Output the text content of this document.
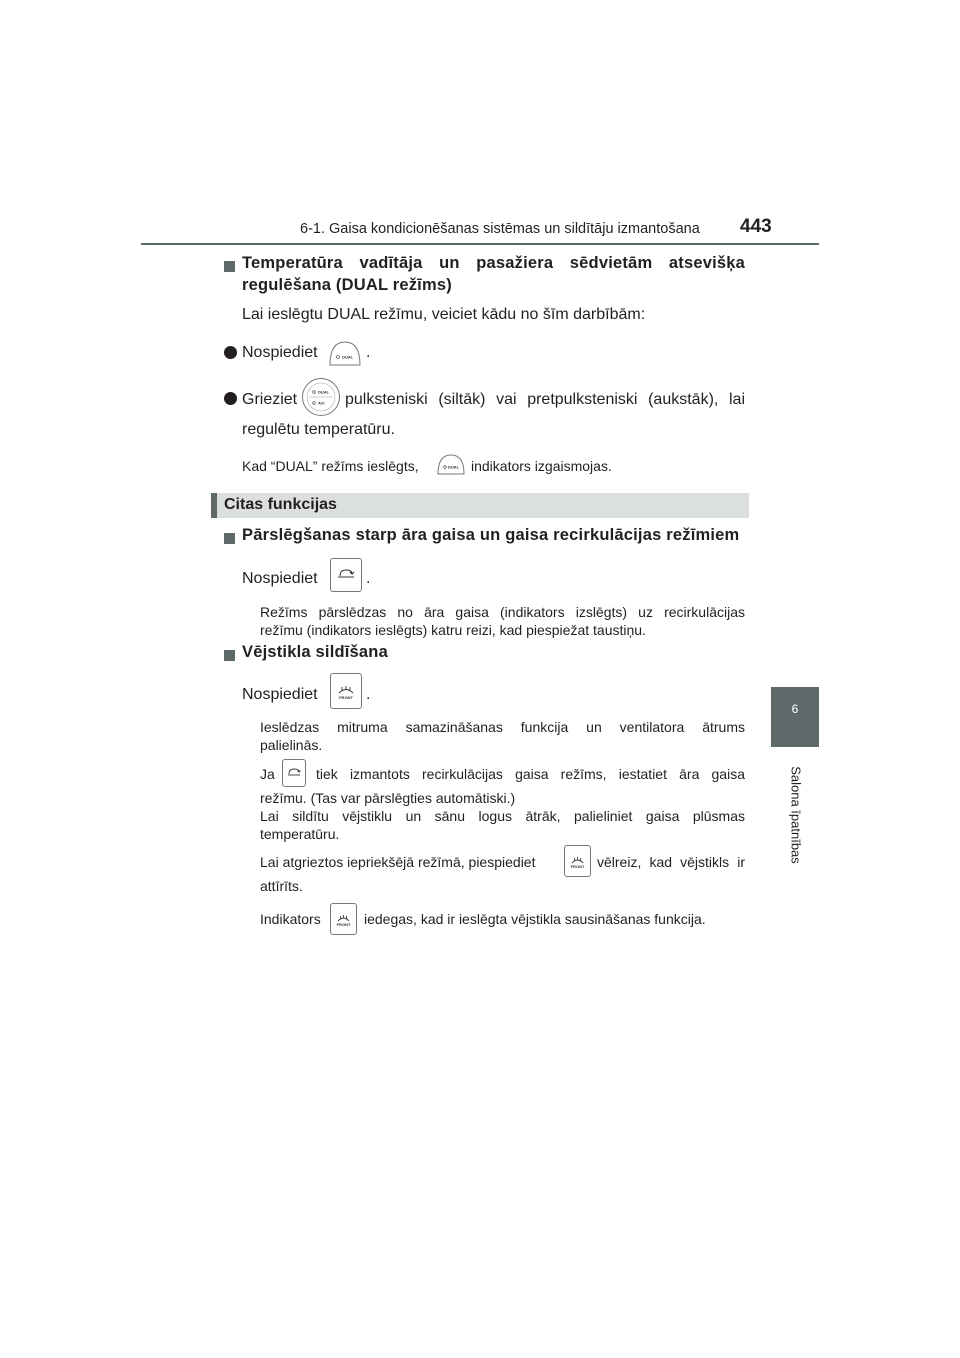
6-1. Gaisa kondicionēšanas sistēmas un sildītāju izmantošana 443
6
Salona īpatnības
Temperatūra vadītāja un pasažiera sēdvietām atsevišķa
regulēšana (DUAL režīms)
Lai ieslēgtu DUAL režīmu, veiciet kādu no šīm darbībām:
Nospiediet	DUAL .
Grieziet	DUAL
A/C pulksteniski (siltāk) vai pretpulksteniski (aukstāk), lai
regulētu temperatūru.
Kad “DUAL” režīms ieslēgts,	DUAL indikators izgaismojas.
Citas funkcijas
Pārslēgšanas starp āra gaisa un gaisa recirkulācijas režīmiem
Nospiediet	.
Režīms pārslēdzas no āra gaisa (indikators izslēgts) uz recirkulācijas
režīmu (indikators ieslēgts) katru reizi, kad piespiežat taustiņu.
Vējstikla sildīšana
Nospiediet	FRONT .
Ieslēdzas mitruma samazināšanas funkcija un ventilatora ātrums
palielinās.
Ja	tiek izmantots recirkulācijas gaisa režīms, iestatiet āra gaisa
režīmu. (Tas var pārslēgties automātiski.)
Lai sildītu vējstiklu un sānu logus ātrāk, palieliniet gaisa plūsmas
temperatūru.
Lai atgrieztos iepriekšējā režīmā, piespiediet	FRONT vēlreiz, kad vējstikls ir
attīrīts.
Indikators	FRONT iedegas, kad ir ieslēgta vējstikla sausināšanas funkcija.
